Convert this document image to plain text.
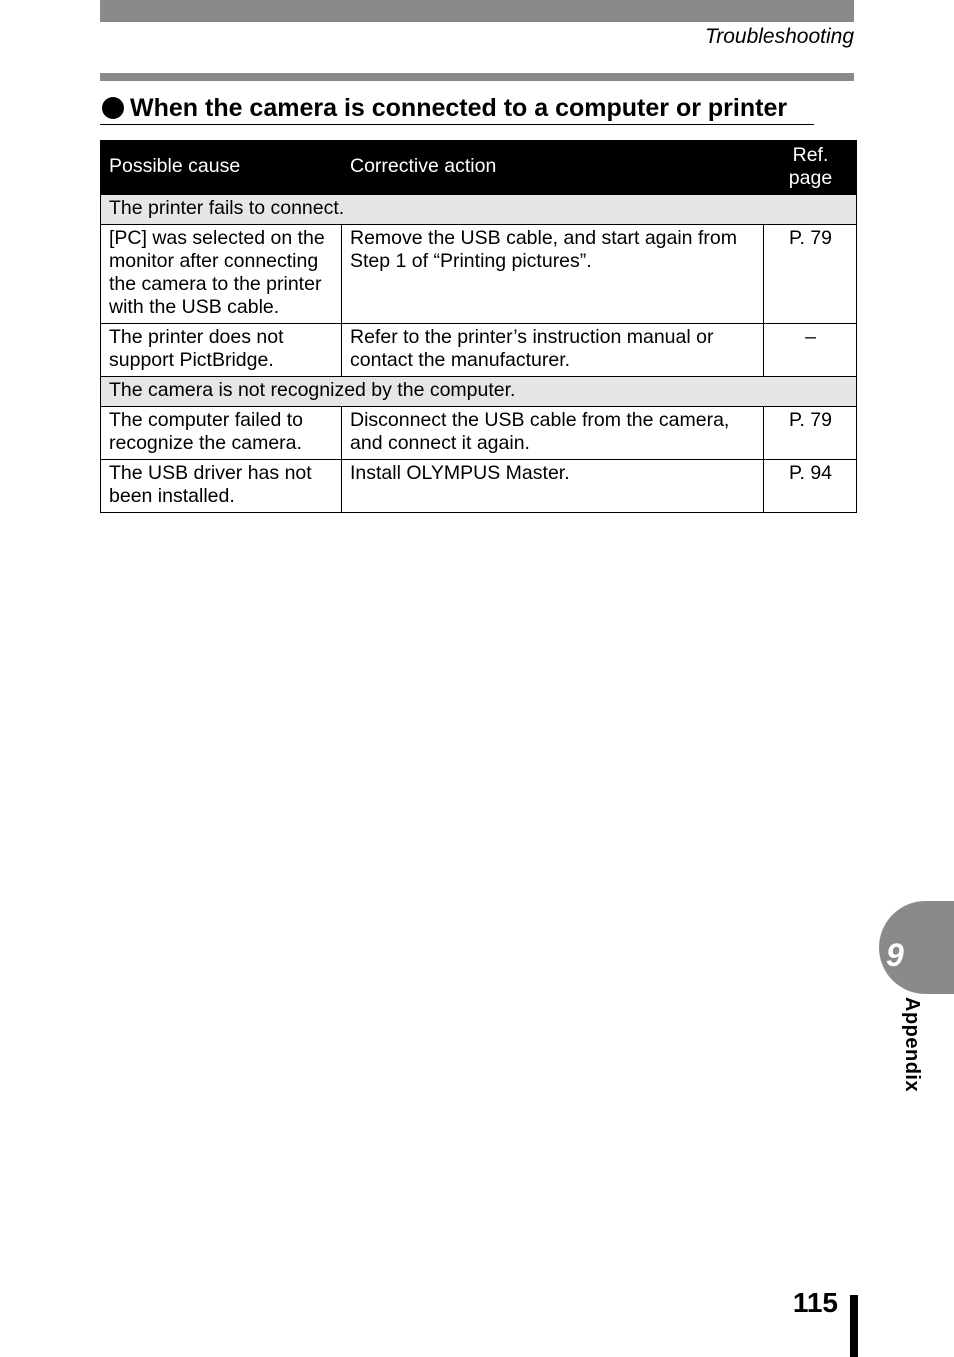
Troubleshooting
When the camera is connected to a computer or printer
Possible cause	Corrective action	Ref. page
The printer fails to connect.		
[PC] was selected on the monitor after connecting the camera to the printer with the USB cable.	Remove the USB cable, and start again from Step 1 of “Printing pictures”.	P. 79
The printer does not support PictBridge.	Refer to the printer’s instruction manual or contact the manufacturer.	–
The camera is not recognized by the computer.		
The computer failed to recognize the camera.	Disconnect the USB cable from the camera, and connect it again.	P. 79
The USB driver has not been installed.	Install OLYMPUS Master.	P. 94
9
Appendix
115
